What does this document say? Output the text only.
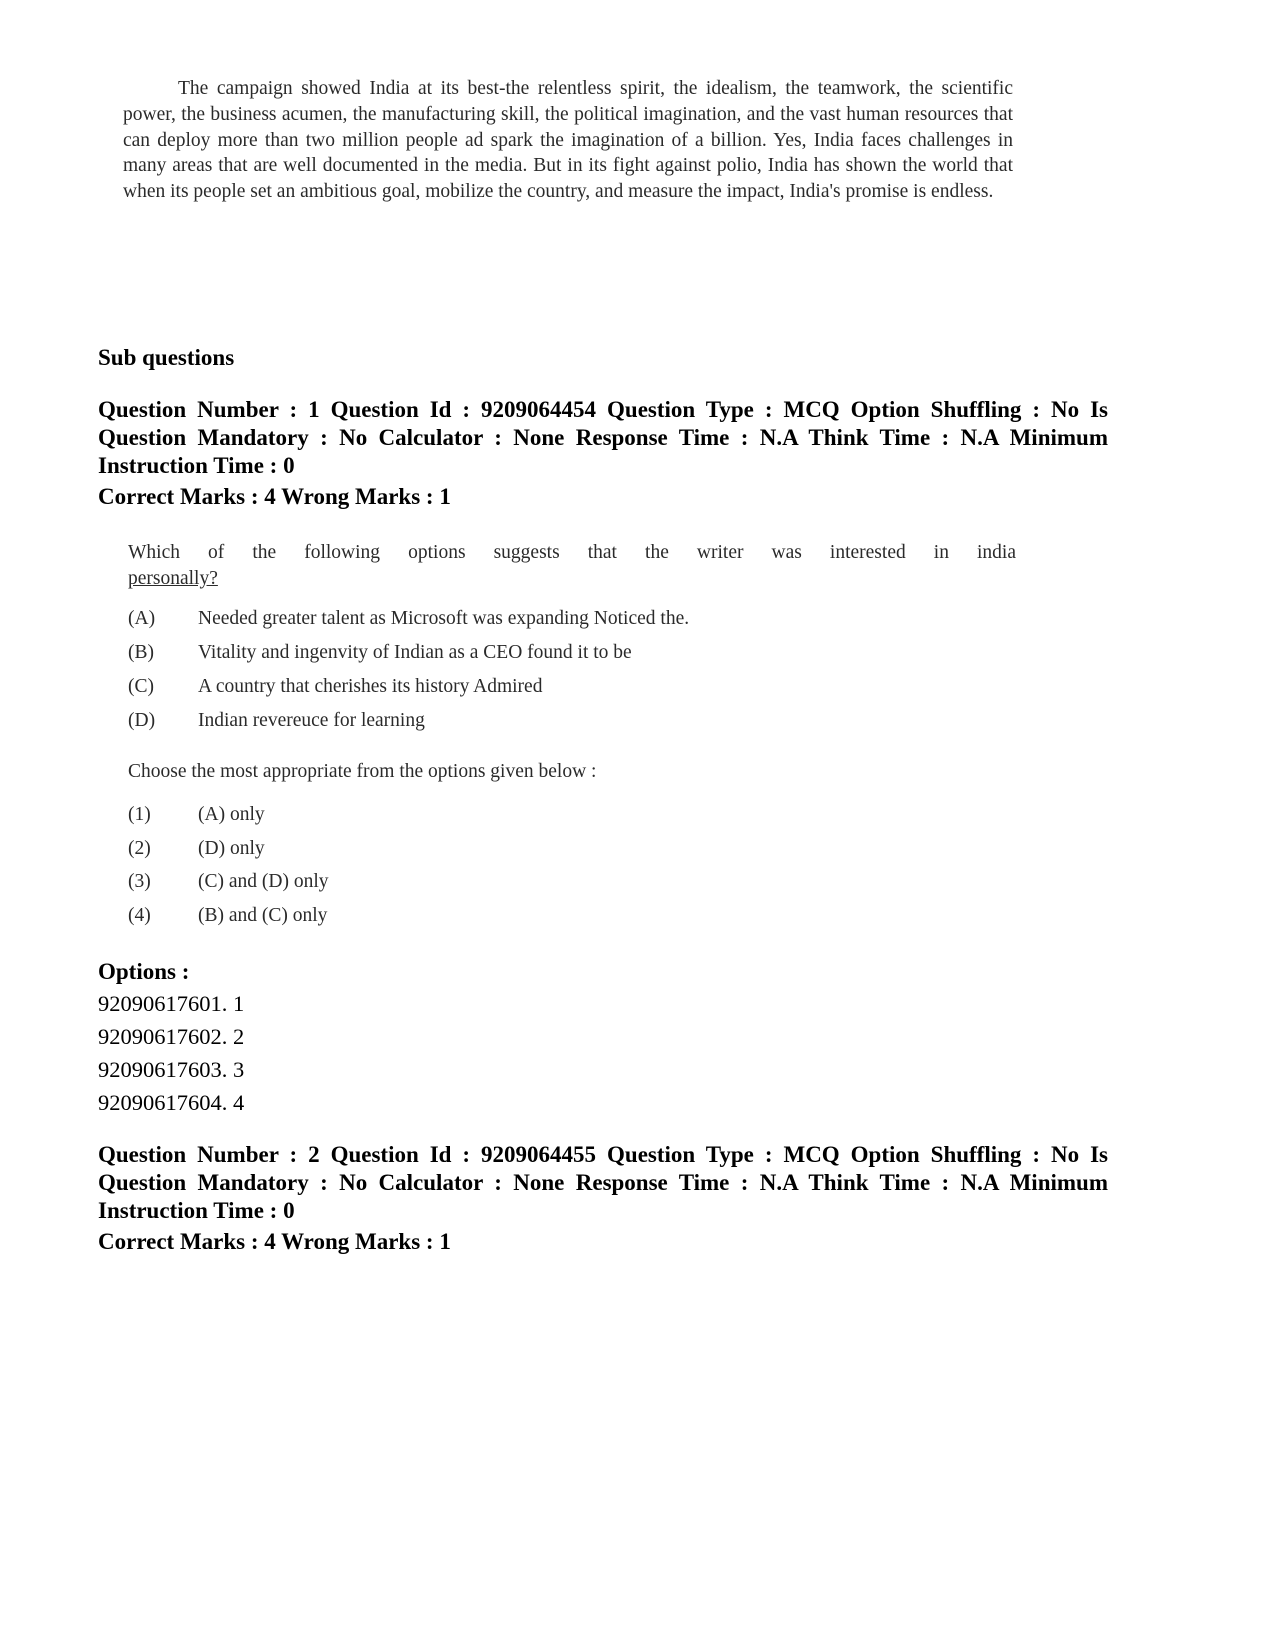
The campaign showed India at its best-the relentless spirit, the idealism, the teamwork, the scientific power, the business acumen, the manufacturing skill, the political imagination, and the vast human resources that can deploy more than two million people ad spark the imagination of a billion. Yes, India faces challenges in many areas that are well documented in the media. But in its fight against polio, India has shown the world that when its people set an ambitious goal, mobilize the country, and measure the impact, India's promise is endless.
Sub questions
Question Number : 1 Question Id : 9209064454 Question Type : MCQ Option Shuffling : No Is Question Mandatory : No Calculator : None Response Time : N.A Think Time : N.A Minimum Instruction Time : 0
Correct Marks : 4 Wrong Marks : 1
Which of the following options suggests that the writer was interested in india
personally?
(A)	Needed greater talent as Microsoft was expanding Noticed the.
(B)	Vitality and ingenvity of Indian as a CEO found it to be
(C)	A country that cherishes its history Admired
(D)	Indian revereuce for learning
Choose the most appropriate from the options given below :
(1)	(A) only
(2)	(D) only
(3)	(C) and (D) only
(4)	(B) and (C) only
Options :
92090617601. 1
92090617602. 2
92090617603. 3
92090617604. 4
Question Number : 2 Question Id : 9209064455 Question Type : MCQ Option Shuffling : No Is Question Mandatory : No Calculator : None Response Time : N.A Think Time : N.A Minimum Instruction Time : 0
Correct Marks : 4 Wrong Marks : 1
